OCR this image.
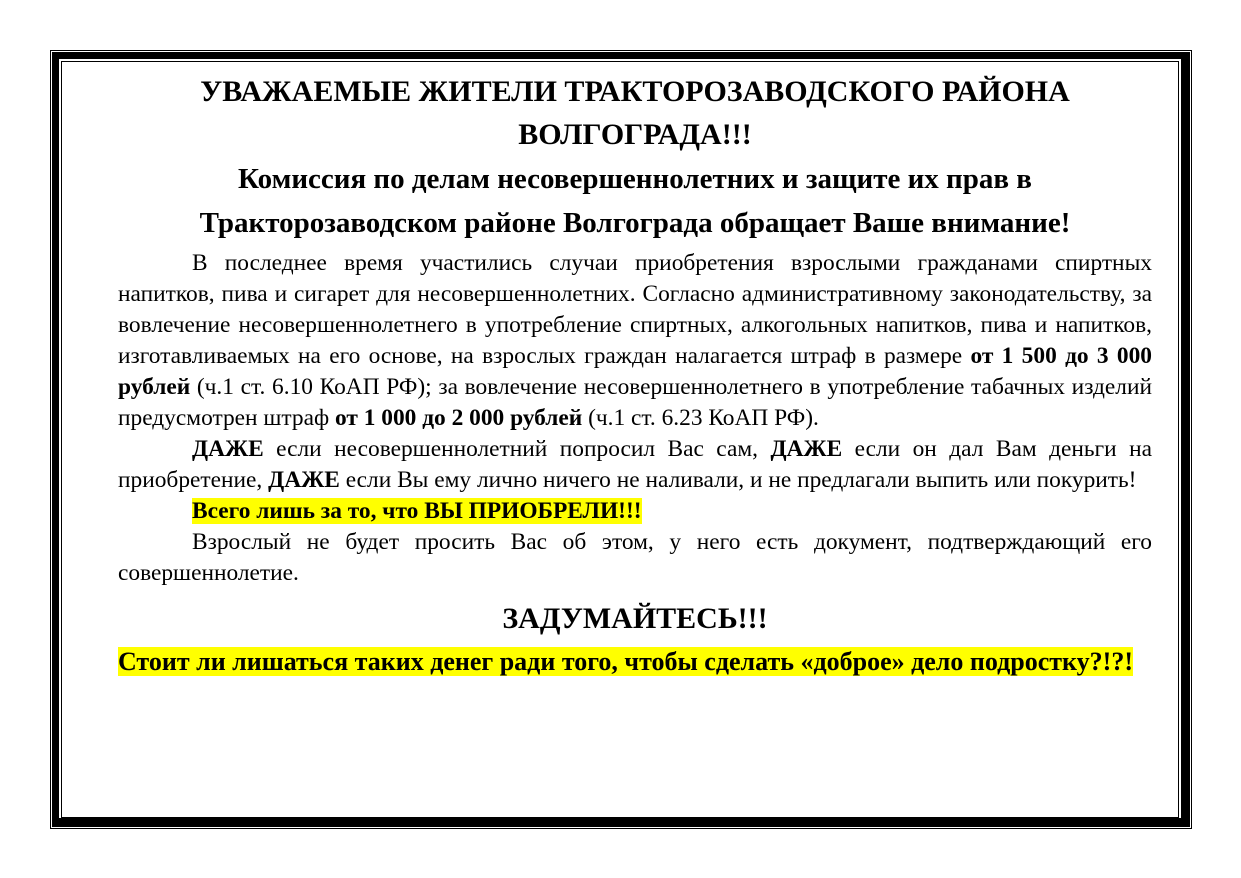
УВАЖАЕМЫЕ ЖИТЕЛИ ТРАКТОРОЗАВОДСКОГО РАЙОНА ВОЛГОГРАДА!!!

Комиссия по делам несовершеннолетних и защите их прав в Тракторозаводском районе Волгограда обращает Ваше внимание!

В последнее время участились случаи приобретения взрослыми гражданами спиртных напитков, пива и сигарет для несовершеннолетних. Согласно административному законодательству, за вовлечение несовершеннолетнего в употребление спиртных, алкогольных напитков, пива и напитков, изготавливаемых на его основе, на взрослых граждан налагается штраф в размере от 1 500 до 3 000 рублей (ч.1 ст. 6.10 КоАП РФ); за вовлечение несовершеннолетнего в употребление табачных изделий предусмотрен штраф от 1 000 до 2 000 рублей (ч.1 ст. 6.23 КоАП РФ).

ДАЖЕ если несовершеннолетний попросил Вас сам, ДАЖЕ если он дал Вам деньги на приобретение, ДАЖЕ если Вы ему лично ничего не наливали, и не предлагали выпить или покурить!

Всего лишь за то, что ВЫ ПРИОБРЕЛИ!!!

Взрослый не будет просить Вас об этом, у него есть документ, подтверждающий его совершеннолетие.

ЗАДУМАЙТЕСЬ!!!

Стоит ли лишаться таких денег ради того, чтобы сделать «доброе» дело подростку?!?!
